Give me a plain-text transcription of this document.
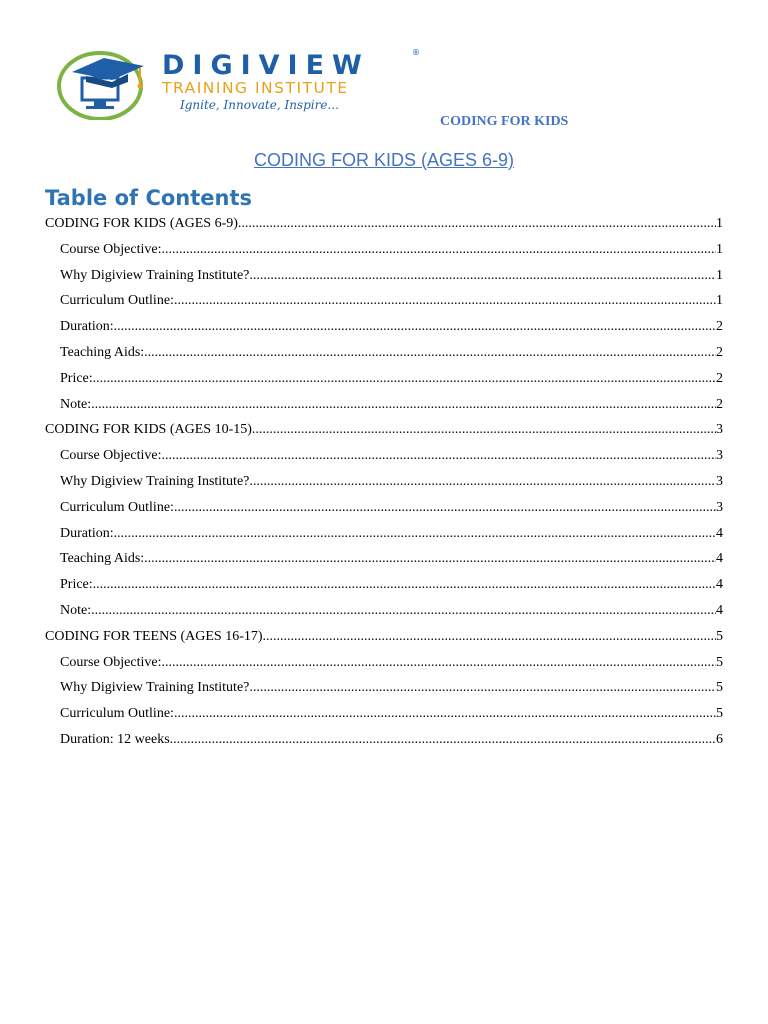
DIGIVIEW	®
TRAINING INSTITUTE
Ignite, Innovate, Inspire...
CODING FOR KIDS
CODING FOR KIDS (AGES 6-9)
Table of Contents
CODING FOR KIDS (AGES 6-9) .....	1
Course Objective: .....	1
Why Digiview Training Institute? .....	1
Curriculum Outline: .....	1
Duration: .....	2
Teaching Aids: .....	2
Price: .....	2
Note: .....	2
CODING FOR KIDS (AGES 10-15) .....	3
Course Objective: .....	3
Why Digiview Training Institute? .....	3
Curriculum Outline: .....	3
Duration: .....	4
Teaching Aids: .....	4
Price: .....	4
Note: .....	4
CODING FOR TEENS (AGES 16-17) .....	5
Course Objective: .....	5
Why Digiview Training Institute? .....	5
Curriculum Outline: .....	5
Duration: 12 weeks .....	6
